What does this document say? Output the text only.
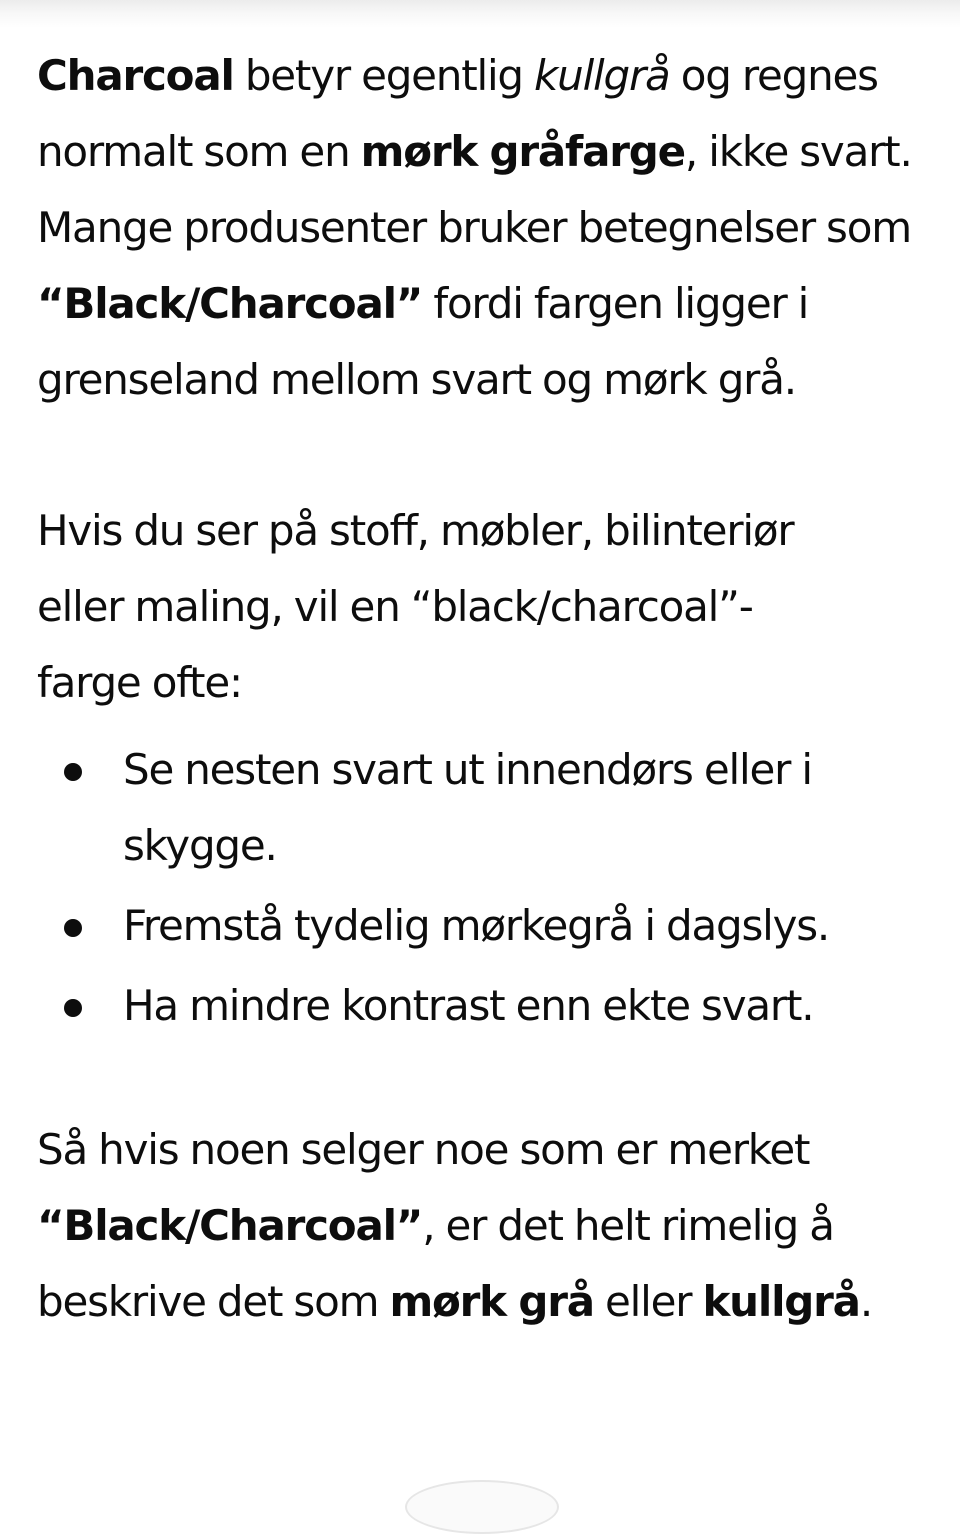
Charcoal betyr egentlig kullgrå og regnes normalt som en mørk gråfarge, ikke svart. Mange produsenter bruker betegnelser som “Black/Charcoal” fordi fargen ligger i grenseland mellom svart og mørk grå.

Hvis du ser på stoff, møbler, bilinteriør eller maling, vil en “black/charcoal”-farge ofte:

Se nesten svart ut innendørs eller i skygge.
Fremstå tydelig mørkegrå i dagslys.
Ha mindre kontrast enn ekte svart.

Så hvis noen selger noe som er merket “Black/Charcoal”, er det helt rimelig å beskrive det som mørk grå eller kullgrå.
